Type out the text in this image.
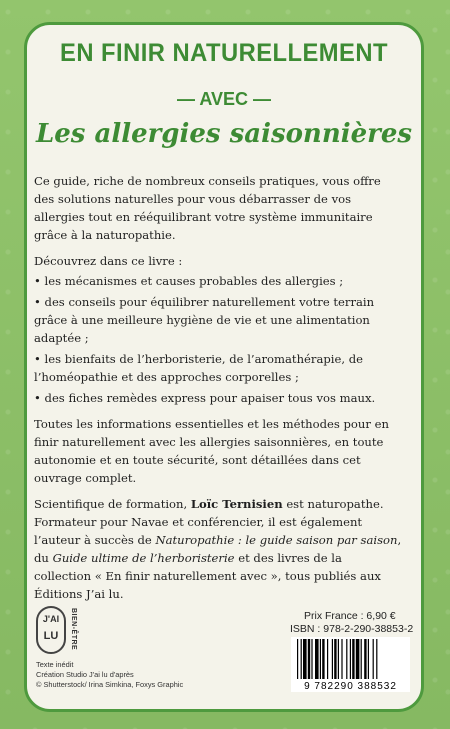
EN FINIR NATURELLEMENT
— AVEC —
Les allergies saisonnières

Ce guide, riche de nombreux conseils pratiques, vous offre des solutions naturelles pour vous débarrasser de vos allergies tout en rééquilibrant votre système immunitaire grâce à la naturopathie.

Découvrez dans ce livre :

• les mécanismes et causes probables des allergies ;

• des conseils pour équilibrer naturellement votre terrain grâce à une meilleure hygiène de vie et une alimentation adaptée ;

• les bienfaits de l’herboristerie, de l’aromathérapie, de l’homéopathie et des approches corporelles ;

• des fiches remèdes express pour apaiser tous vos maux.

Toutes les informations essentielles et les méthodes pour en finir naturellement avec les allergies saisonnières, en toute autonomie et en toute sécurité, sont détaillées dans cet ouvrage complet.

Scientifique de formation, Loïc Ternisien est naturopathe. Formateur pour Navae et conférencier, il est également l’auteur à succès de Naturopathie : le guide saison par saison, du Guide ultime de l’herboristerie et des livres de la collection « En finir naturellement avec », tous publiés aux Éditions J’ai lu.

J'AI
LU	BIEN-ÊTRE
Texte inédit
Création Studio J'ai lu d'après
© Shutterstock/ Irina Simkina, Foxys Graphic
Prix France : 6,90 €
ISBN : 978-2-290-38853-2
9 782290 388532
